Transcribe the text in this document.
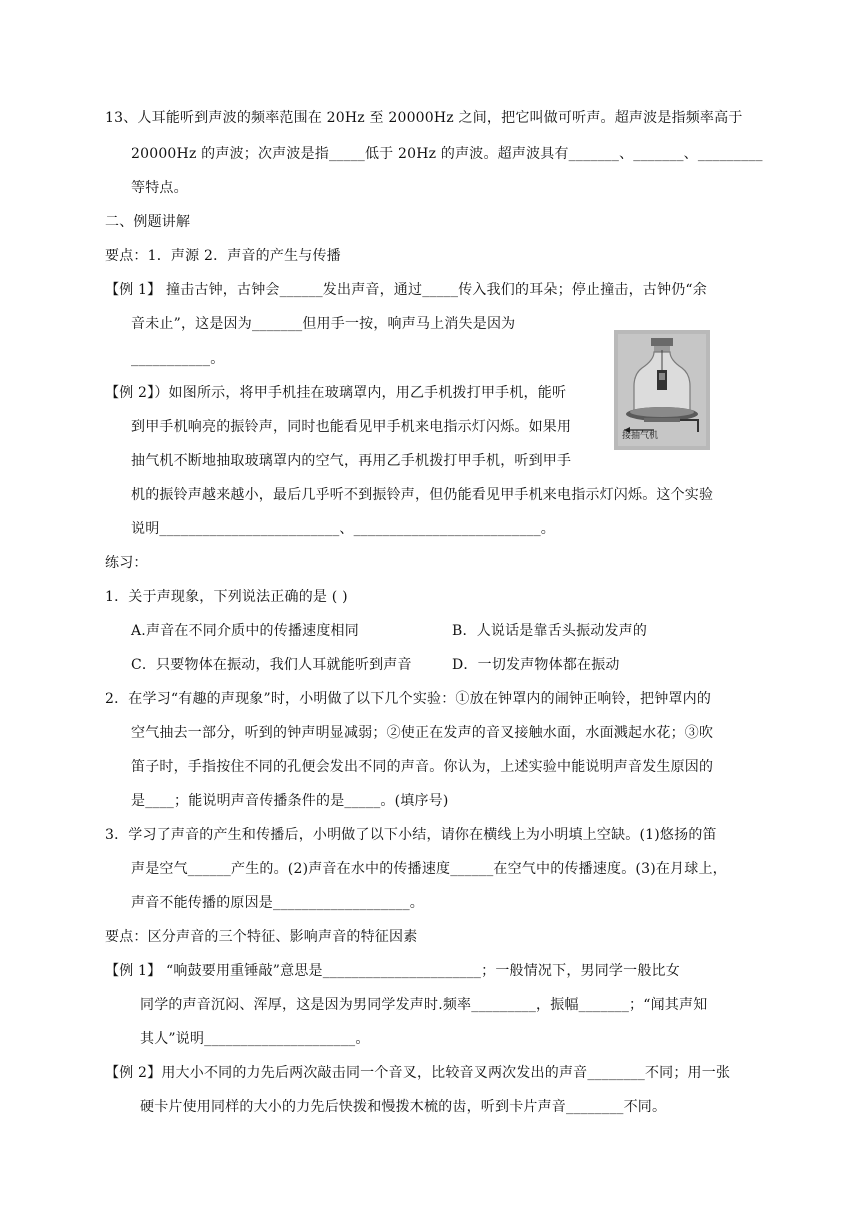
13、人耳能听到声波的频率范围在 20Hz 至 20000Hz 之间，把它叫做可听声。超声波是指频率高于
20000Hz 的声波；次声波是指_____低于 20Hz 的声波。超声波具有_______、_______、_________
等特点。
二、例题讲解
要点：1．声源 2．声音的产生与传播
【例 1】 撞击古钟，古钟会______发出声音，通过_____传入我们的耳朵；停止撞击，古钟仍“余
音未止”，这是因为_______但用手一按，响声马上消失是因为
___________。
【例 2】）如图所示，将甲手机挂在玻璃罩内，用乙手机拨打甲手机，能听
到甲手机响亮的振铃声，同时也能看见甲手机来电指示灯闪烁。如果用
抽气机不断地抽取玻璃罩内的空气，再用乙手机拨打甲手机，听到甲手
机的振铃声越来越小，最后几乎听不到振铃声，但仍能看见甲手机来电指示灯闪烁。这个实验
说明_________________________、__________________________。
接抽气机
练习：
1．关于声现象，下列说法正确的是 ( )
A.声音在不同介质中的传播速度相同	B．人说话是靠舌头振动发声的
C．只要物体在振动，我们人耳就能听到声音	D．一切发声物体都在振动
2．在学习“有趣的声现象”时，小明做了以下几个实验：①放在钟罩内的闹钟正响铃，把钟罩内的
空气抽去一部分，听到的钟声明显减弱；②使正在发声的音叉接触水面，水面溅起水花；③吹
笛子时，手指按住不同的孔便会发出不同的声音。你认为，上述实验中能说明声音发生原因的
是____；能说明声音传播条件的是_____。(填序号)
3．学习了声音的产生和传播后，小明做了以下小结，请你在横线上为小明填上空缺。(1)悠扬的笛
声是空气______产生的。(2)声音在水中的传播速度______在空气中的传播速度。(3)在月球上，
声音不能传播的原因是___________________。
要点：区分声音的三个特征、影响声音的特征因素
【例 1】 “响鼓要用重锤敲”意思是______________________；一般情况下，男同学一般比女
同学的声音沉闷、浑厚，这是因为男同学发声时.频率_________，振幅_______；“闻其声知
其人”说明_____________________。
【例 2】用大小不同的力先后两次敲击同一个音叉，比较音叉两次发出的声音________不同；用一张
硬卡片使用同样的大小的力先后快拨和慢拨木梳的齿，听到卡片声音________不同。
